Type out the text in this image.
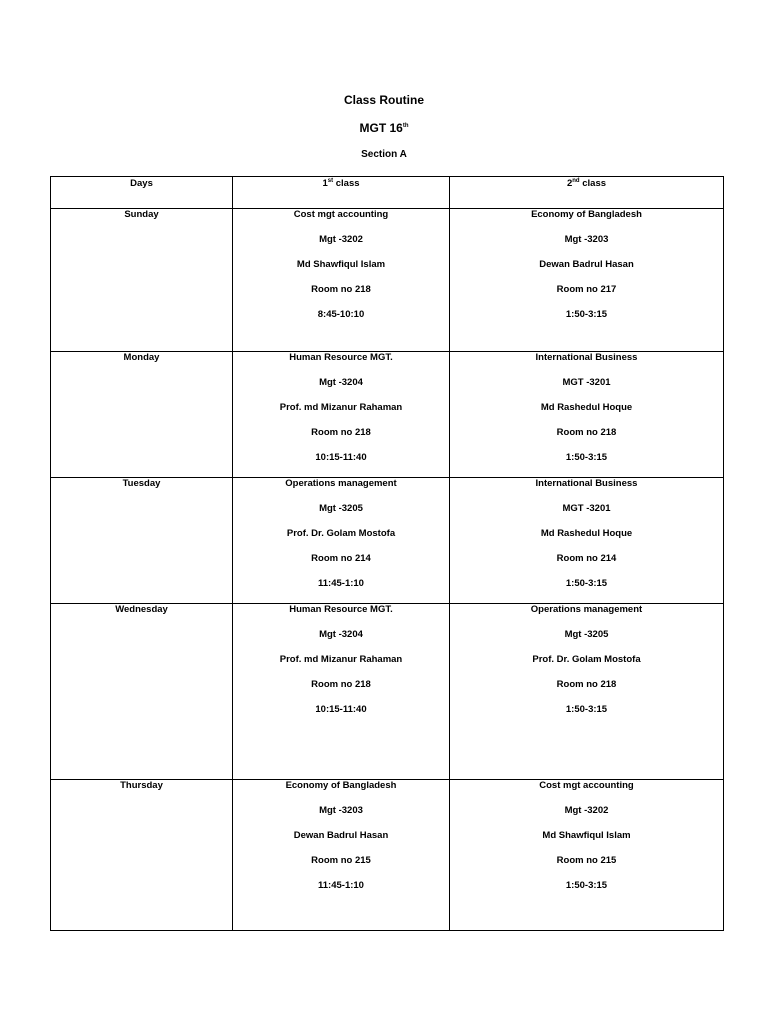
Class Routine
MGT 16th
Section A
Days	1st class	2nd class

Sunday	Cost mgt accounting
Mgt -3202
Md Shawfiqul Islam
Room no 218
8:45-10:10	Economy of Bangladesh
Mgt -3203
Dewan Badrul Hasan
Room no 217
1:50-3:15

Monday	Human Resource MGT.
Mgt -3204
Prof. md Mizanur Rahaman
Room no 218
10:15-11:40	International Business
MGT -3201
Md Rashedul Hoque
Room no 218
1:50-3:15

Tuesday	Operations management
Mgt -3205
Prof. Dr. Golam Mostofa
Room no 214
11:45-1:10	International Business
MGT -3201
Md Rashedul Hoque
Room no 214
1:50-3:15

Wednesday	Human Resource MGT.
Mgt -3204
Prof. md Mizanur Rahaman
Room no 218
10:15-11:40	Operations management
Mgt -3205
Prof. Dr. Golam Mostofa
Room no 218
1:50-3:15

Thursday	Economy of Bangladesh
Mgt -3203
Dewan Badrul Hasan
Room no 215
11:45-1:10	Cost mgt accounting
Mgt -3202
Md Shawfiqul Islam
Room no 215
1:50-3:15
